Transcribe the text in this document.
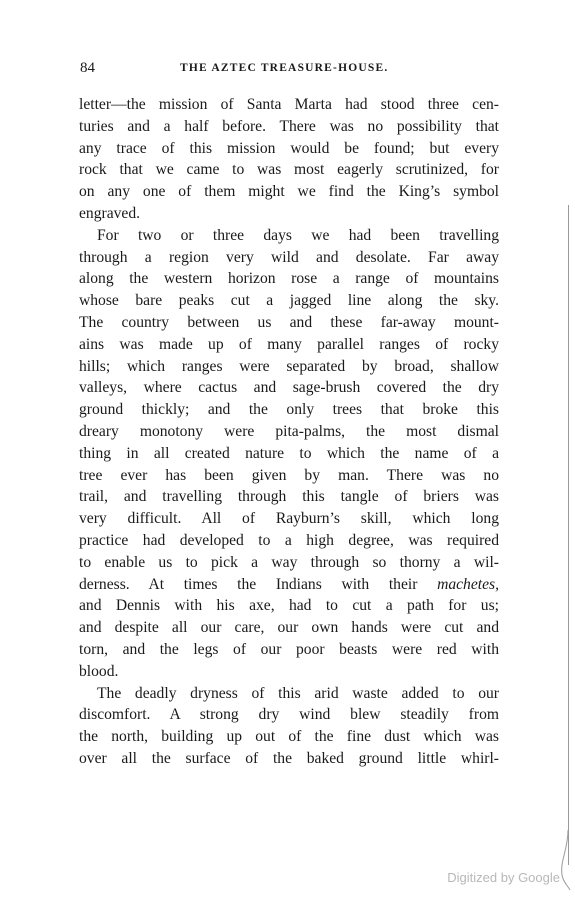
84	THE AZTEC TREASURE-HOUSE.
letter—the mission of Santa Marta had stood three cen-
turies and a half before. There was no possibility that
any trace of this mission would be found; but every
rock that we came to was most eagerly scrutinized, for
on any one of them might we find the King’s symbol
engraved.
For two or three days we had been travelling
through a region very wild and desolate. Far away
along the western horizon rose a range of mountains
whose bare peaks cut a jagged line along the sky.
The country between us and these far-away mount-
ains was made up of many parallel ranges of rocky
hills; which ranges were separated by broad, shallow
valleys, where cactus and sage-brush covered the dry
ground thickly; and the only trees that broke this
dreary monotony were pita-palms, the most dismal
thing in all created nature to which the name of a
tree ever has been given by man. There was no
trail, and travelling through this tangle of briers was
very difficult. All of Rayburn’s skill, which long
practice had developed to a high degree, was required
to enable us to pick a way through so thorny a wil-
derness. At times the Indians with their machetes,
and Dennis with his axe, had to cut a path for us;
and despite all our care, our own hands were cut and
torn, and the legs of our poor beasts were red with
blood.
The deadly dryness of this arid waste added to our
discomfort. A strong dry wind blew steadily from
the north, building up out of the fine dust which was
over all the surface of the baked ground little whirl-
Digitized by Google
